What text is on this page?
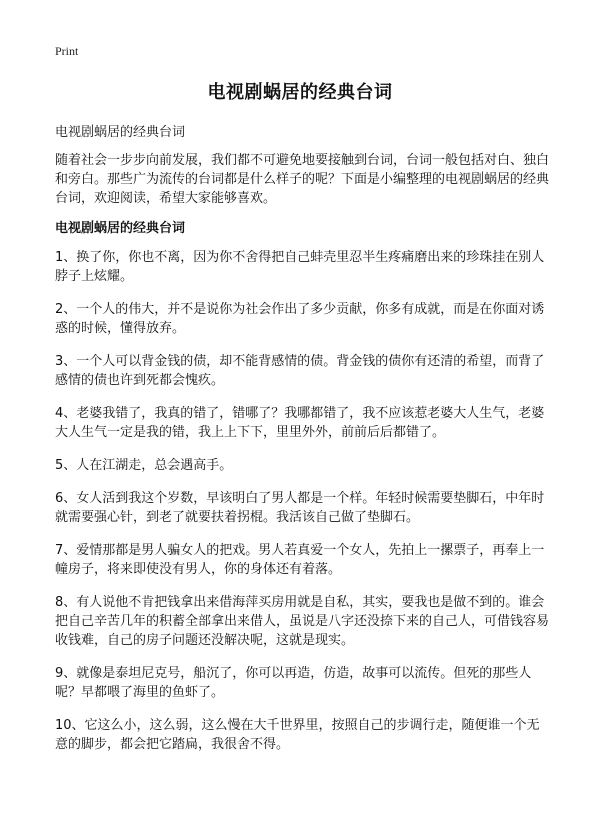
Print
电视剧蜗居的经典台词

电视剧蜗居的经典台词

随着社会一步步向前发展，我们都不可避免地要接触到台词，台词一般包括对白、独白和旁白。那些广为流传的台词都是什么样子的呢？下面是小编整理的电视剧蜗居的经典台词，欢迎阅读，希望大家能够喜欢。

电视剧蜗居的经典台词
1、换了你，你也不离，因为你不舍得把自己蚌壳里忍半生疼痛磨出来的珍珠挂在别人脖子上炫耀。
2、一个人的伟大，并不是说你为社会作出了多少贡献，你多有成就，而是在你面对诱惑的时候，懂得放弃。
3、一个人可以背金钱的债，却不能背感情的债。背金钱的债你有还清的希望，而背了感情的债也许到死都会愧疚。
4、老婆我错了，我真的错了，错哪了？我哪都错了，我不应该惹老婆大人生气，老婆大人生气一定是我的错，我上上下下，里里外外，前前后后都错了。
5、人在江湖走，总会遇高手。
6、女人活到我这个岁数，早该明白了男人都是一个样。年轻时候需要垫脚石，中年时就需要强心针，到老了就要扶着拐棍。我活该自己做了垫脚石。
7、爱情那都是男人骗女人的把戏。男人若真爱一个女人，先拍上一摞票子，再奉上一幢房子，将来即使没有男人，你的身体还有着落。
8、有人说他不肯把钱拿出来借海萍买房用就是自私，其实，要我也是做不到的。谁会把自己辛苦几年的积蓄全部拿出来借人，虽说是八字还没捺下来的自己人，可借钱容易收钱难，自己的房子问题还没解决呢，这就是现实。
9、就像是泰坦尼克号，船沉了，你可以再造，仿造，故事可以流传。但死的那些人呢？早都喂了海里的鱼虾了。
10、它这么小，这么弱，这么慢在大千世界里，按照自己的步调行走，随便谁一个无意的脚步，都会把它踏扁，我很舍不得。
